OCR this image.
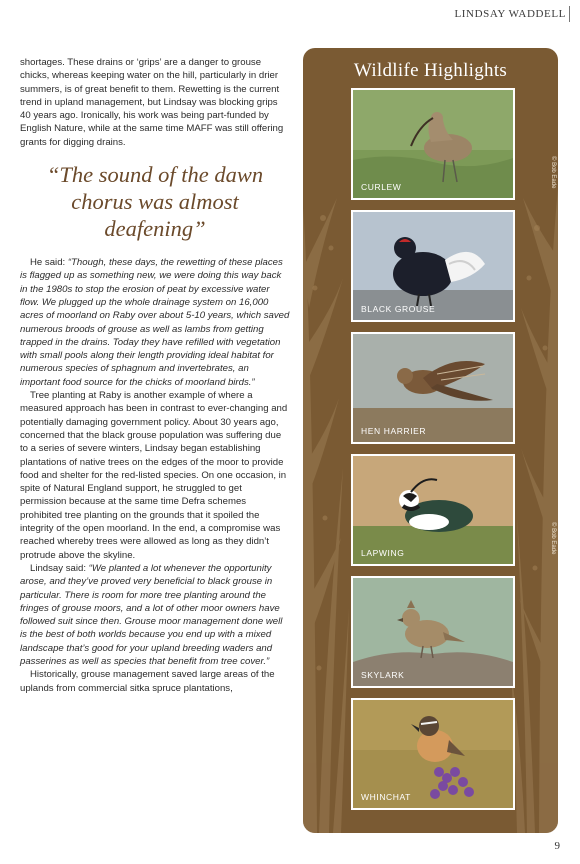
LINDSAY WADDELL

shortages. These drains or ‘grips’ are a danger to grouse chicks, whereas keeping water on the hill, particularly in drier summers, is of great benefit to them. Rewetting is the current trend in upland management, but Lindsay was blocking grips 40 years ago. Ironically, his work was being part-funded by English Nature, while at the same time MAFF was still offering grants for digging drains.

“The sound of the dawn chorus was almost deafening”

He said: “Though, these days, the rewetting of these places is flagged up as something new, we were doing this way back in the 1980s to stop the erosion of peat by excessive water flow. We plugged up the whole drainage system on 16,000 acres of moorland on Raby over about 5-10 years, which saved numerous broods of grouse as well as lambs from getting trapped in the drains. Today they have refilled with vegetation with small pools along their length providing ideal habitat for numerous species of sphagnum and invertebrates, an important food source for the chicks of moorland birds.”

Tree planting at Raby is another example of where a measured approach has been in contrast to ever-changing and potentially damaging government policy. About 30 years ago, concerned that the black grouse population was suffering due to a series of severe winters, Lindsay began establishing plantations of native trees on the edges of the moor to provide food and shelter for the red-listed species. On one occasion, in spite of Natural England support, he struggled to get permission because at the same time Defra schemes prohibited tree planting on the grounds that it spoiled the integrity of the open moorland. In the end, a compromise was reached whereby trees were allowed as long as they didn’t protrude above the skyline.

Lindsay said: “We planted a lot whenever the opportunity arose, and they’ve proved very beneficial to black grouse in particular. There is room for more tree planting around the fringes of grouse moors, and a lot of other moor owners have followed suit since then. Grouse moor management done well is the best of both worlds because you end up with a mixed landscape that’s good for your upland breeding waders and passerines as well as species that benefit from tree cover.”

Historically, grouse management saved large areas of the uplands from commercial sitka spruce plantations,

Wildlife Highlights
CURLEW	© Bob Eade
BLACK GROUSE
HEN HARRIER
LAPWING	© Bob Eade
SKYLARK
WHINCHAT
9
